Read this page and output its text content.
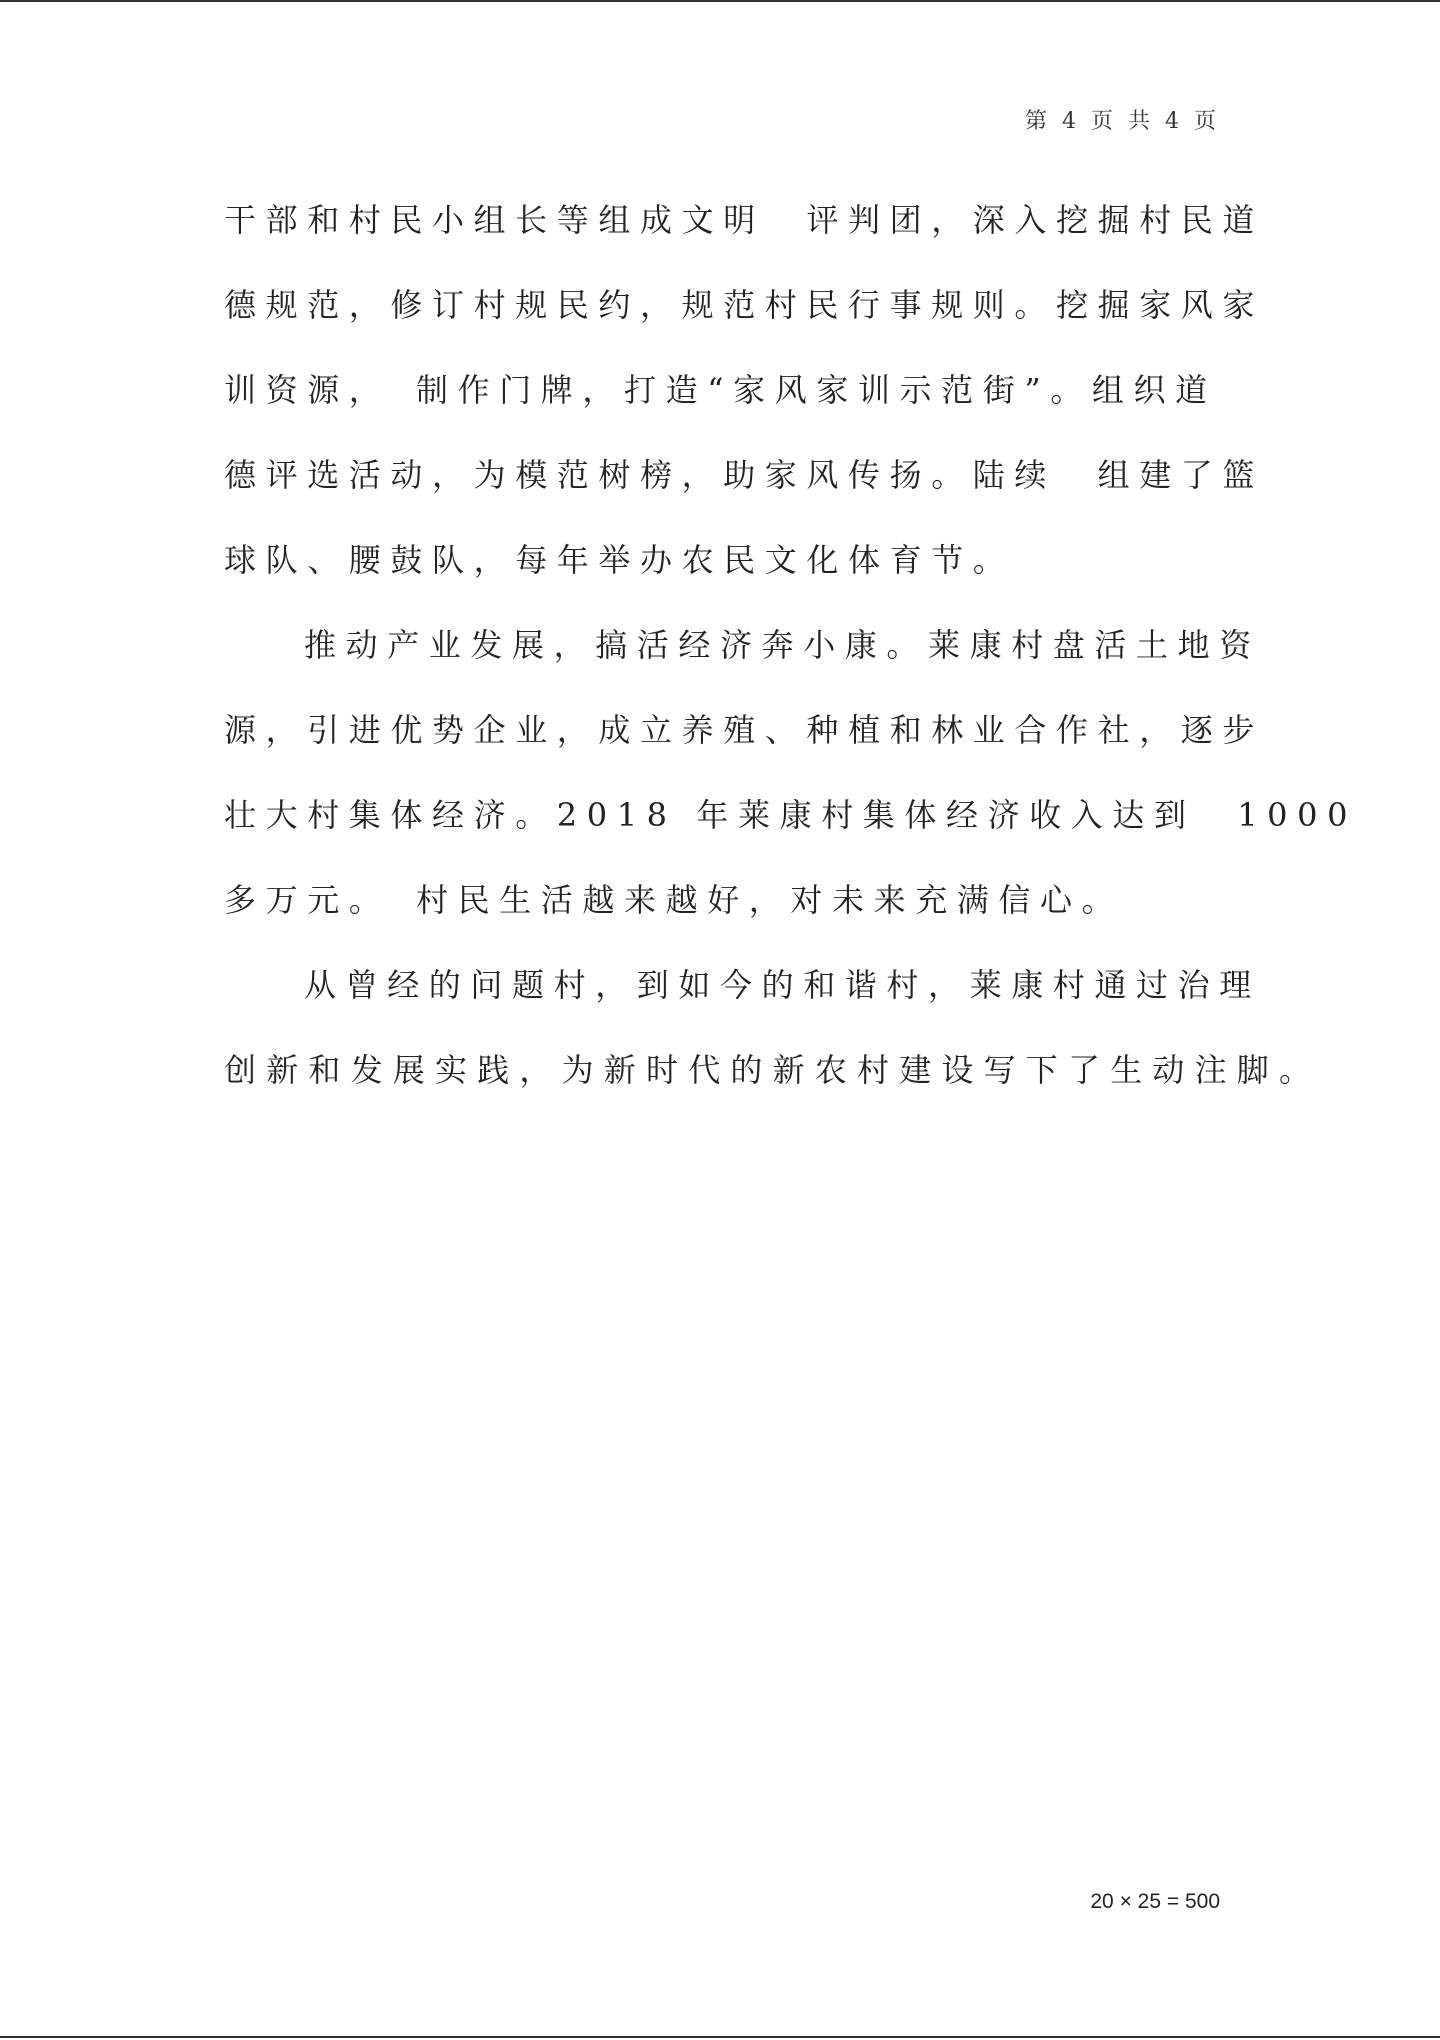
第 4 页 共 4 页
干部和村民小组长等组成文明　评判团，深入挖掘村民道
德规范，修订村规民约，规范村民行事规则。挖掘家风家
训资源，　制作门牌，打造“家风家训示范街”。组织道
德评选活动，为模范树榜，助家风传扬。陆续　组建了篮
球队、腰鼓队，每年举办农民文化体育节。
推动产业发展，搞活经济奔小康。莱康村盘活土地资
源，引进优势企业，成立养殖、种植和林业合作社，逐步
壮大村集体经济。2018 年莱康村集体经济收入达到　1000
多万元。　村民生活越来越好，对未来充满信心。
从曾经的问题村，到如今的和谐村，莱康村通过治理
创新和发展实践，为新时代的新农村建设写下了生动注脚。
20 × 25 = 500
